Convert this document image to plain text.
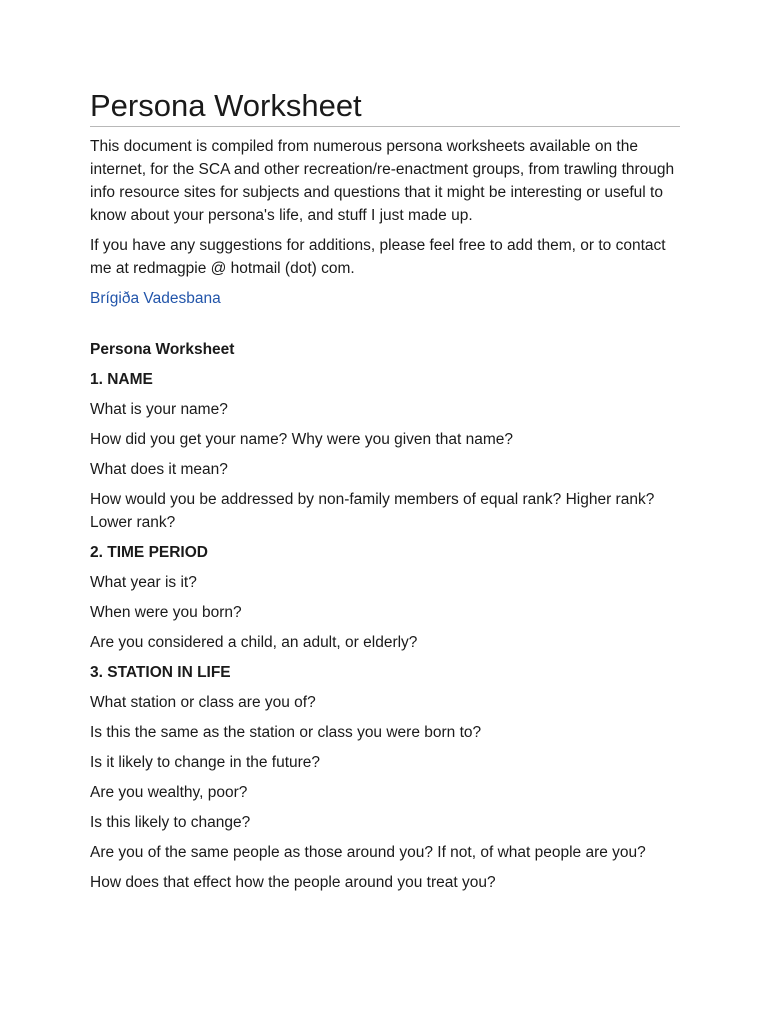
Persona Worksheet

This document is compiled from numerous persona worksheets available on the internet, for the SCA and other recreation/re-enactment groups, from trawling through info resource sites for subjects and questions that it might be interesting or useful to know about your persona's life, and stuff I just made up.

If you have any suggestions for additions, please feel free to add them, or to contact me at redmagpie @ hotmail (dot) com.

Brígiða Vadesbana

Persona Worksheet

1. NAME

What is your name?

How did you get your name? Why were you given that name?

What does it mean?

How would you be addressed by non-family members of equal rank? Higher rank? Lower rank?

2. TIME PERIOD

What year is it?

When were you born?

Are you considered a child, an adult, or elderly?

3. STATION IN LIFE

What station or class are you of?

Is this the same as the station or class you were born to?

Is it likely to change in the future?

Are you wealthy, poor?

Is this likely to change?

Are you of the same people as those around you? If not, of what people are you?

How does that effect how the people around you treat you?
